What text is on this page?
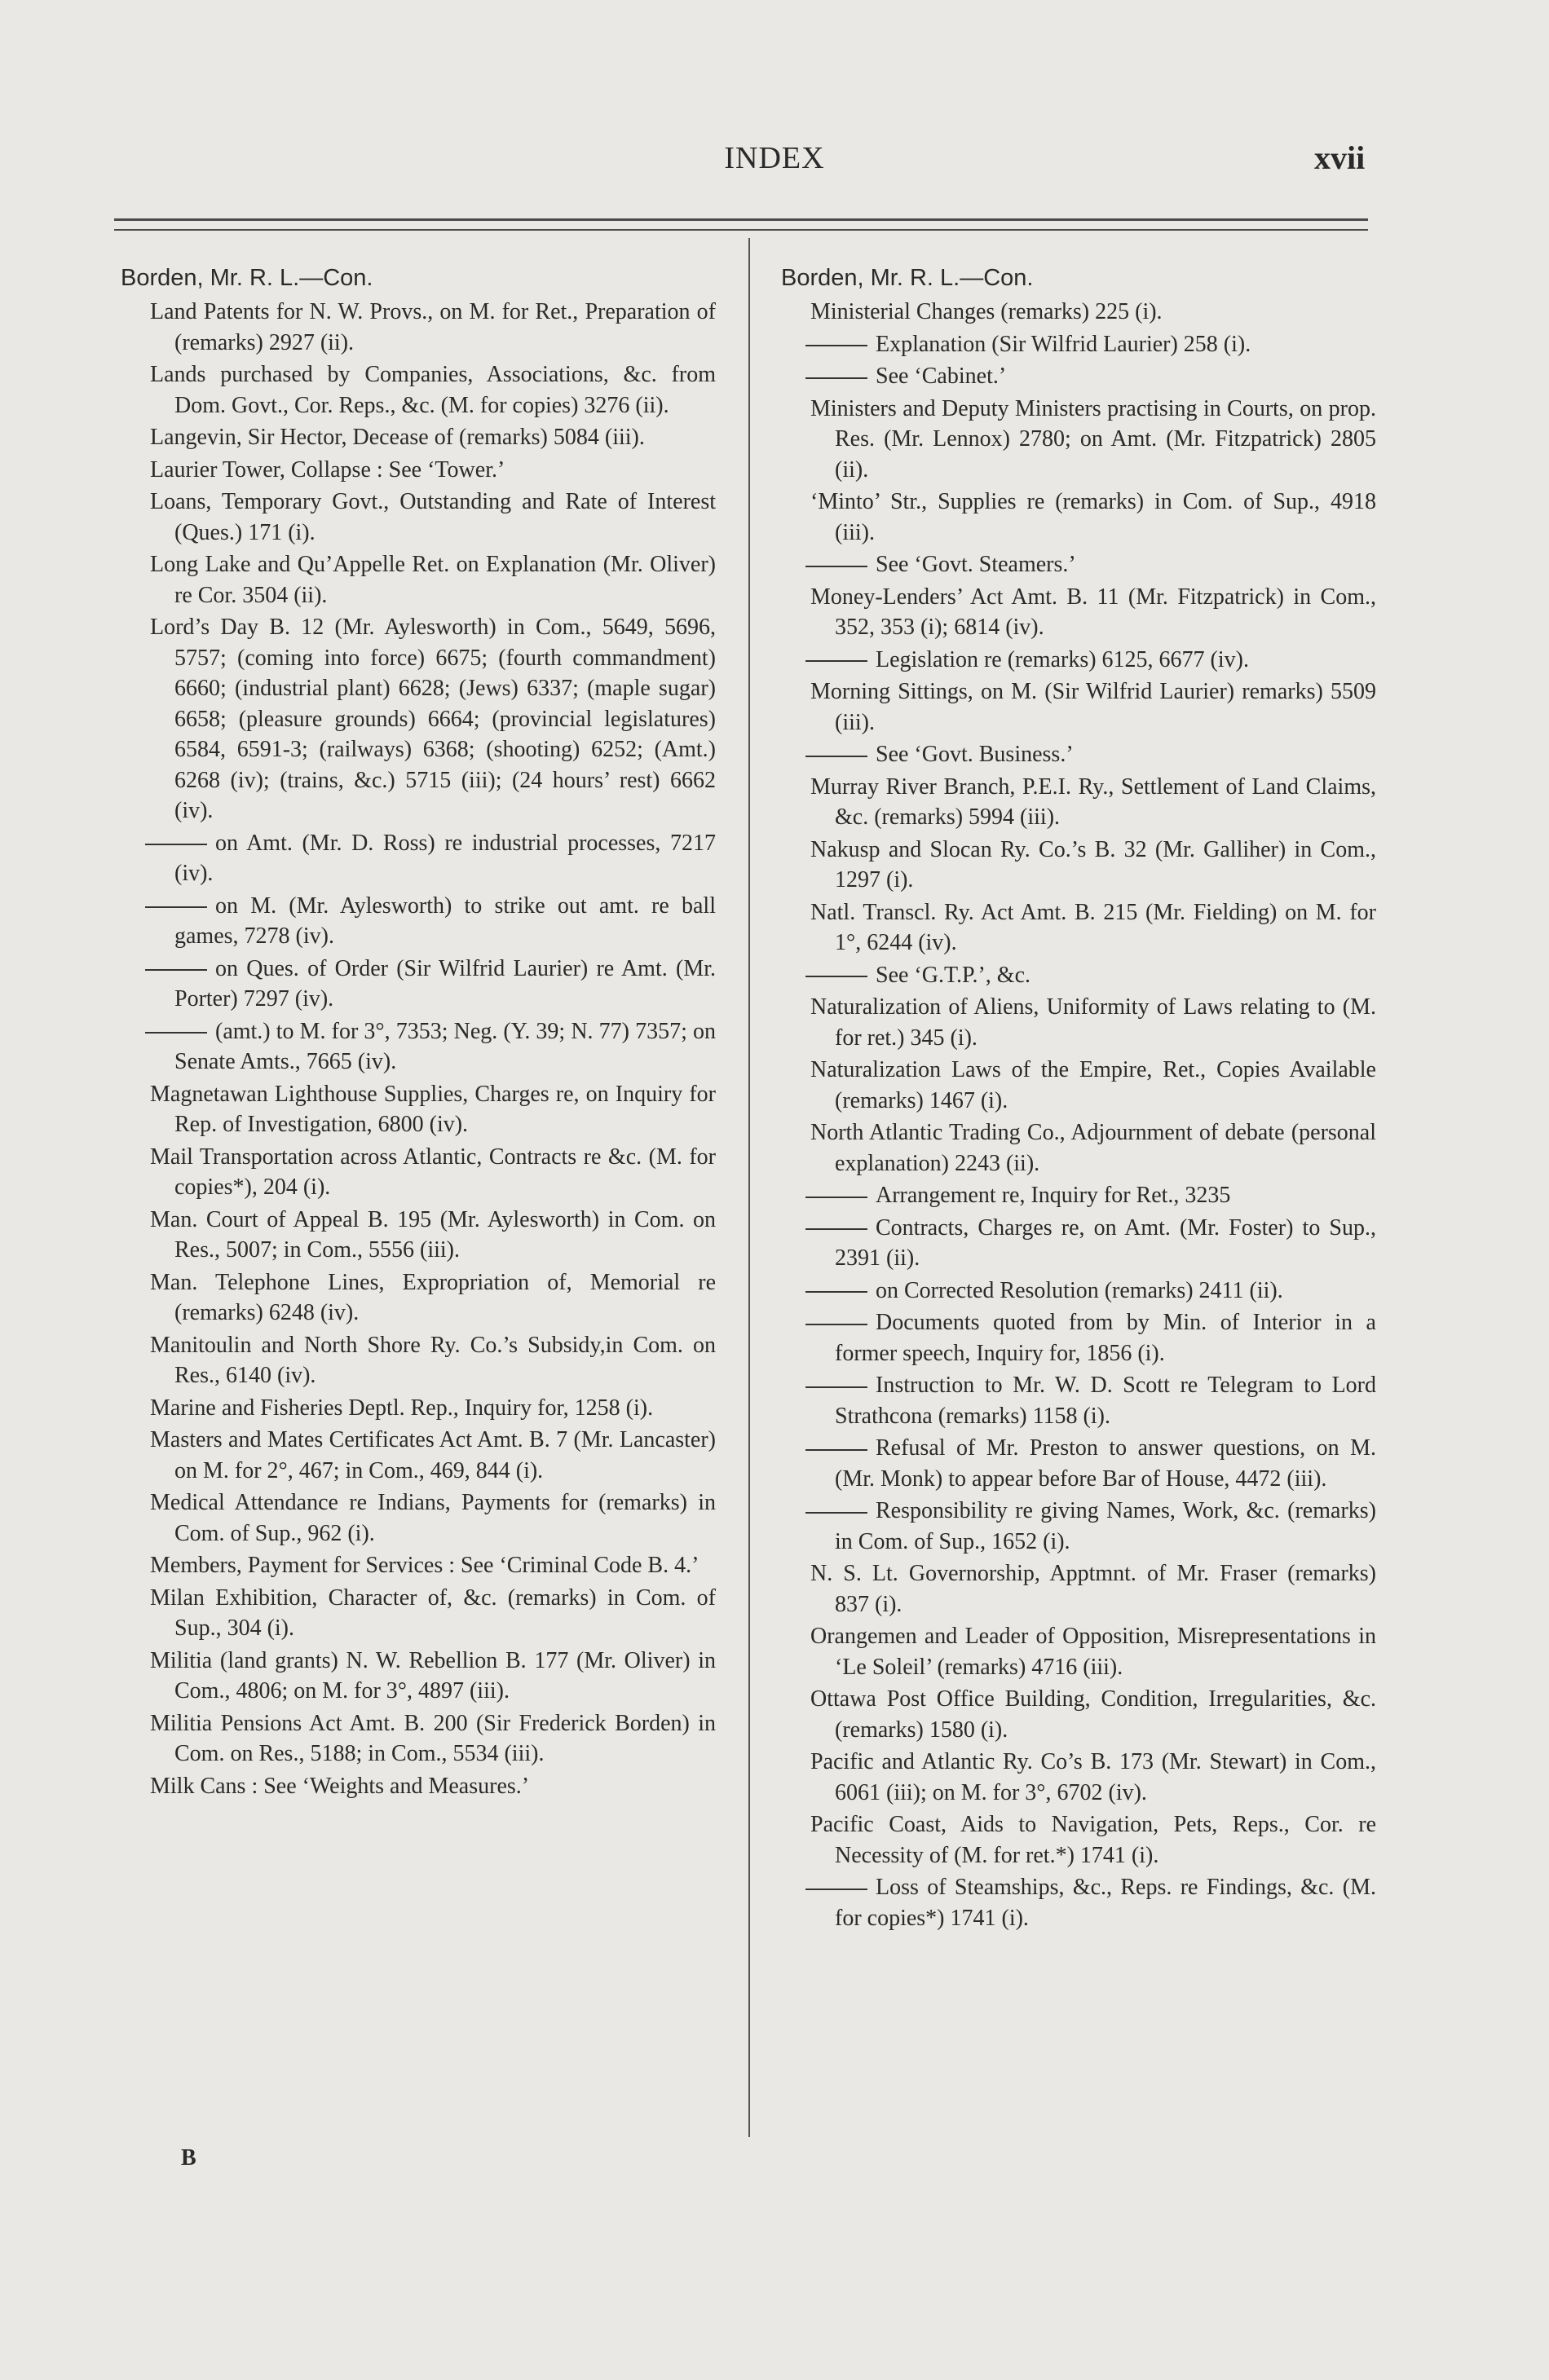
INDEX	xvii
Borden, Mr. R. L.—Con.
Land Patents for N. W. Provs., on M. for Ret., Preparation of (remarks) 2927 (ii).
Lands purchased by Companies, Associations, &c. from Dom. Govt., Cor. Reps., &c. (M. for copies) 3276 (ii).
Langevin, Sir Hector, Decease of (remarks) 5084 (iii).
Laurier Tower, Collapse : See ‘Tower.’
Loans, Temporary Govt., Outstanding and Rate of Interest (Ques.) 171 (i).
Long Lake and Qu’Appelle Ret. on Explanation (Mr. Oliver) re Cor. 3504 (ii).
Lord’s Day B. 12 (Mr. Aylesworth) in Com., 5649, 5696, 5757; (coming into force) 6675; (fourth commandment) 6660; (industrial plant) 6628; (Jews) 6337; (maple sugar) 6658; (pleasure grounds) 6664; (provincial legislatures) 6584, 6591-3; (railways) 6368; (shooting) 6252; (Amt.) 6268 (iv); (trains, &c.) 5715 (iii); (24 hours’ rest) 6662 (iv).
on Amt. (Mr. D. Ross) re industrial processes, 7217 (iv).
on M. (Mr. Aylesworth) to strike out amt. re ball games, 7278 (iv).
on Ques. of Order (Sir Wilfrid Laurier) re Amt. (Mr. Porter) 7297 (iv).
(amt.) to M. for 3°, 7353; Neg. (Y. 39; N. 77) 7357; on Senate Amts., 7665 (iv).
Magnetawan Lighthouse Supplies, Charges re, on Inquiry for Rep. of Investigation, 6800 (iv).
Mail Transportation across Atlantic, Contracts re &c. (M. for copies*), 204 (i).
Man. Court of Appeal B. 195 (Mr. Aylesworth) in Com. on Res., 5007; in Com., 5556 (iii).
Man. Telephone Lines, Expropriation of, Memorial re (remarks) 6248 (iv).
Manitoulin and North Shore Ry. Co.’s Subsidy,in Com. on Res., 6140 (iv).
Marine and Fisheries Deptl. Rep., Inquiry for, 1258 (i).
Masters and Mates Certificates Act Amt. B. 7 (Mr. Lancaster) on M. for 2°, 467; in Com., 469, 844 (i).
Medical Attendance re Indians, Payments for (remarks) in Com. of Sup., 962 (i).
Members, Payment for Services : See ‘Criminal Code B. 4.’
Milan Exhibition, Character of, &c. (remarks) in Com. of Sup., 304 (i).
Militia (land grants) N. W. Rebellion B. 177 (Mr. Oliver) in Com., 4806; on M. for 3°, 4897 (iii).
Militia Pensions Act Amt. B. 200 (Sir Frederick Borden) in Com. on Res., 5188; in Com., 5534 (iii).
Milk Cans : See ‘Weights and Measures.’
Borden, Mr. R. L.—Con.
Ministerial Changes (remarks) 225 (i).
Explanation (Sir Wilfrid Laurier) 258 (i).
See ‘Cabinet.’
Ministers and Deputy Ministers practising in Courts, on prop. Res. (Mr. Lennox) 2780; on Amt. (Mr. Fitzpatrick) 2805 (ii).
‘Minto’ Str., Supplies re (remarks) in Com. of Sup., 4918 (iii).
See ‘Govt. Steamers.’
Money-Lenders’ Act Amt. B. 11 (Mr. Fitzpatrick) in Com., 352, 353 (i); 6814 (iv).
Legislation re (remarks) 6125, 6677 (iv).
Morning Sittings, on M. (Sir Wilfrid Laurier) remarks) 5509 (iii).
See ‘Govt. Business.’
Murray River Branch, P.E.I. Ry., Settlement of Land Claims, &c. (remarks) 5994 (iii).
Nakusp and Slocan Ry. Co.’s B. 32 (Mr. Galliher) in Com., 1297 (i).
Natl. Transcl. Ry. Act Amt. B. 215 (Mr. Fielding) on M. for 1°, 6244 (iv).
See ‘G.T.P.’, &c.
Naturalization of Aliens, Uniformity of Laws relating to (M. for ret.) 345 (i).
Naturalization Laws of the Empire, Ret., Copies Available (remarks) 1467 (i).
North Atlantic Trading Co., Adjournment of debate (personal explanation) 2243 (ii).
Arrangement re, Inquiry for Ret., 3235
Contracts, Charges re, on Amt. (Mr. Foster) to Sup., 2391 (ii).
on Corrected Resolution (remarks) 2411 (ii).
Documents quoted from by Min. of Interior in a former speech, Inquiry for, 1856 (i).
Instruction to Mr. W. D. Scott re Telegram to Lord Strathcona (remarks) 1158 (i).
Refusal of Mr. Preston to answer questions, on M. (Mr. Monk) to appear before Bar of House, 4472 (iii).
Responsibility re giving Names, Work, &c. (remarks) in Com. of Sup., 1652 (i).
N. S. Lt. Governorship, Apptmnt. of Mr. Fraser (remarks) 837 (i).
Orangemen and Leader of Opposition, Misrepresentations in ‘Le Soleil’ (remarks) 4716 (iii).
Ottawa Post Office Building, Condition, Irregularities, &c. (remarks) 1580 (i).
Pacific and Atlantic Ry. Co’s B. 173 (Mr. Stewart) in Com., 6061 (iii); on M. for 3°, 6702 (iv).
Pacific Coast, Aids to Navigation, Pets, Reps., Cor. re Necessity of (M. for ret.*) 1741 (i).
Loss of Steamships, &c., Reps. re Findings, &c. (M. for copies*) 1741 (i).
B
